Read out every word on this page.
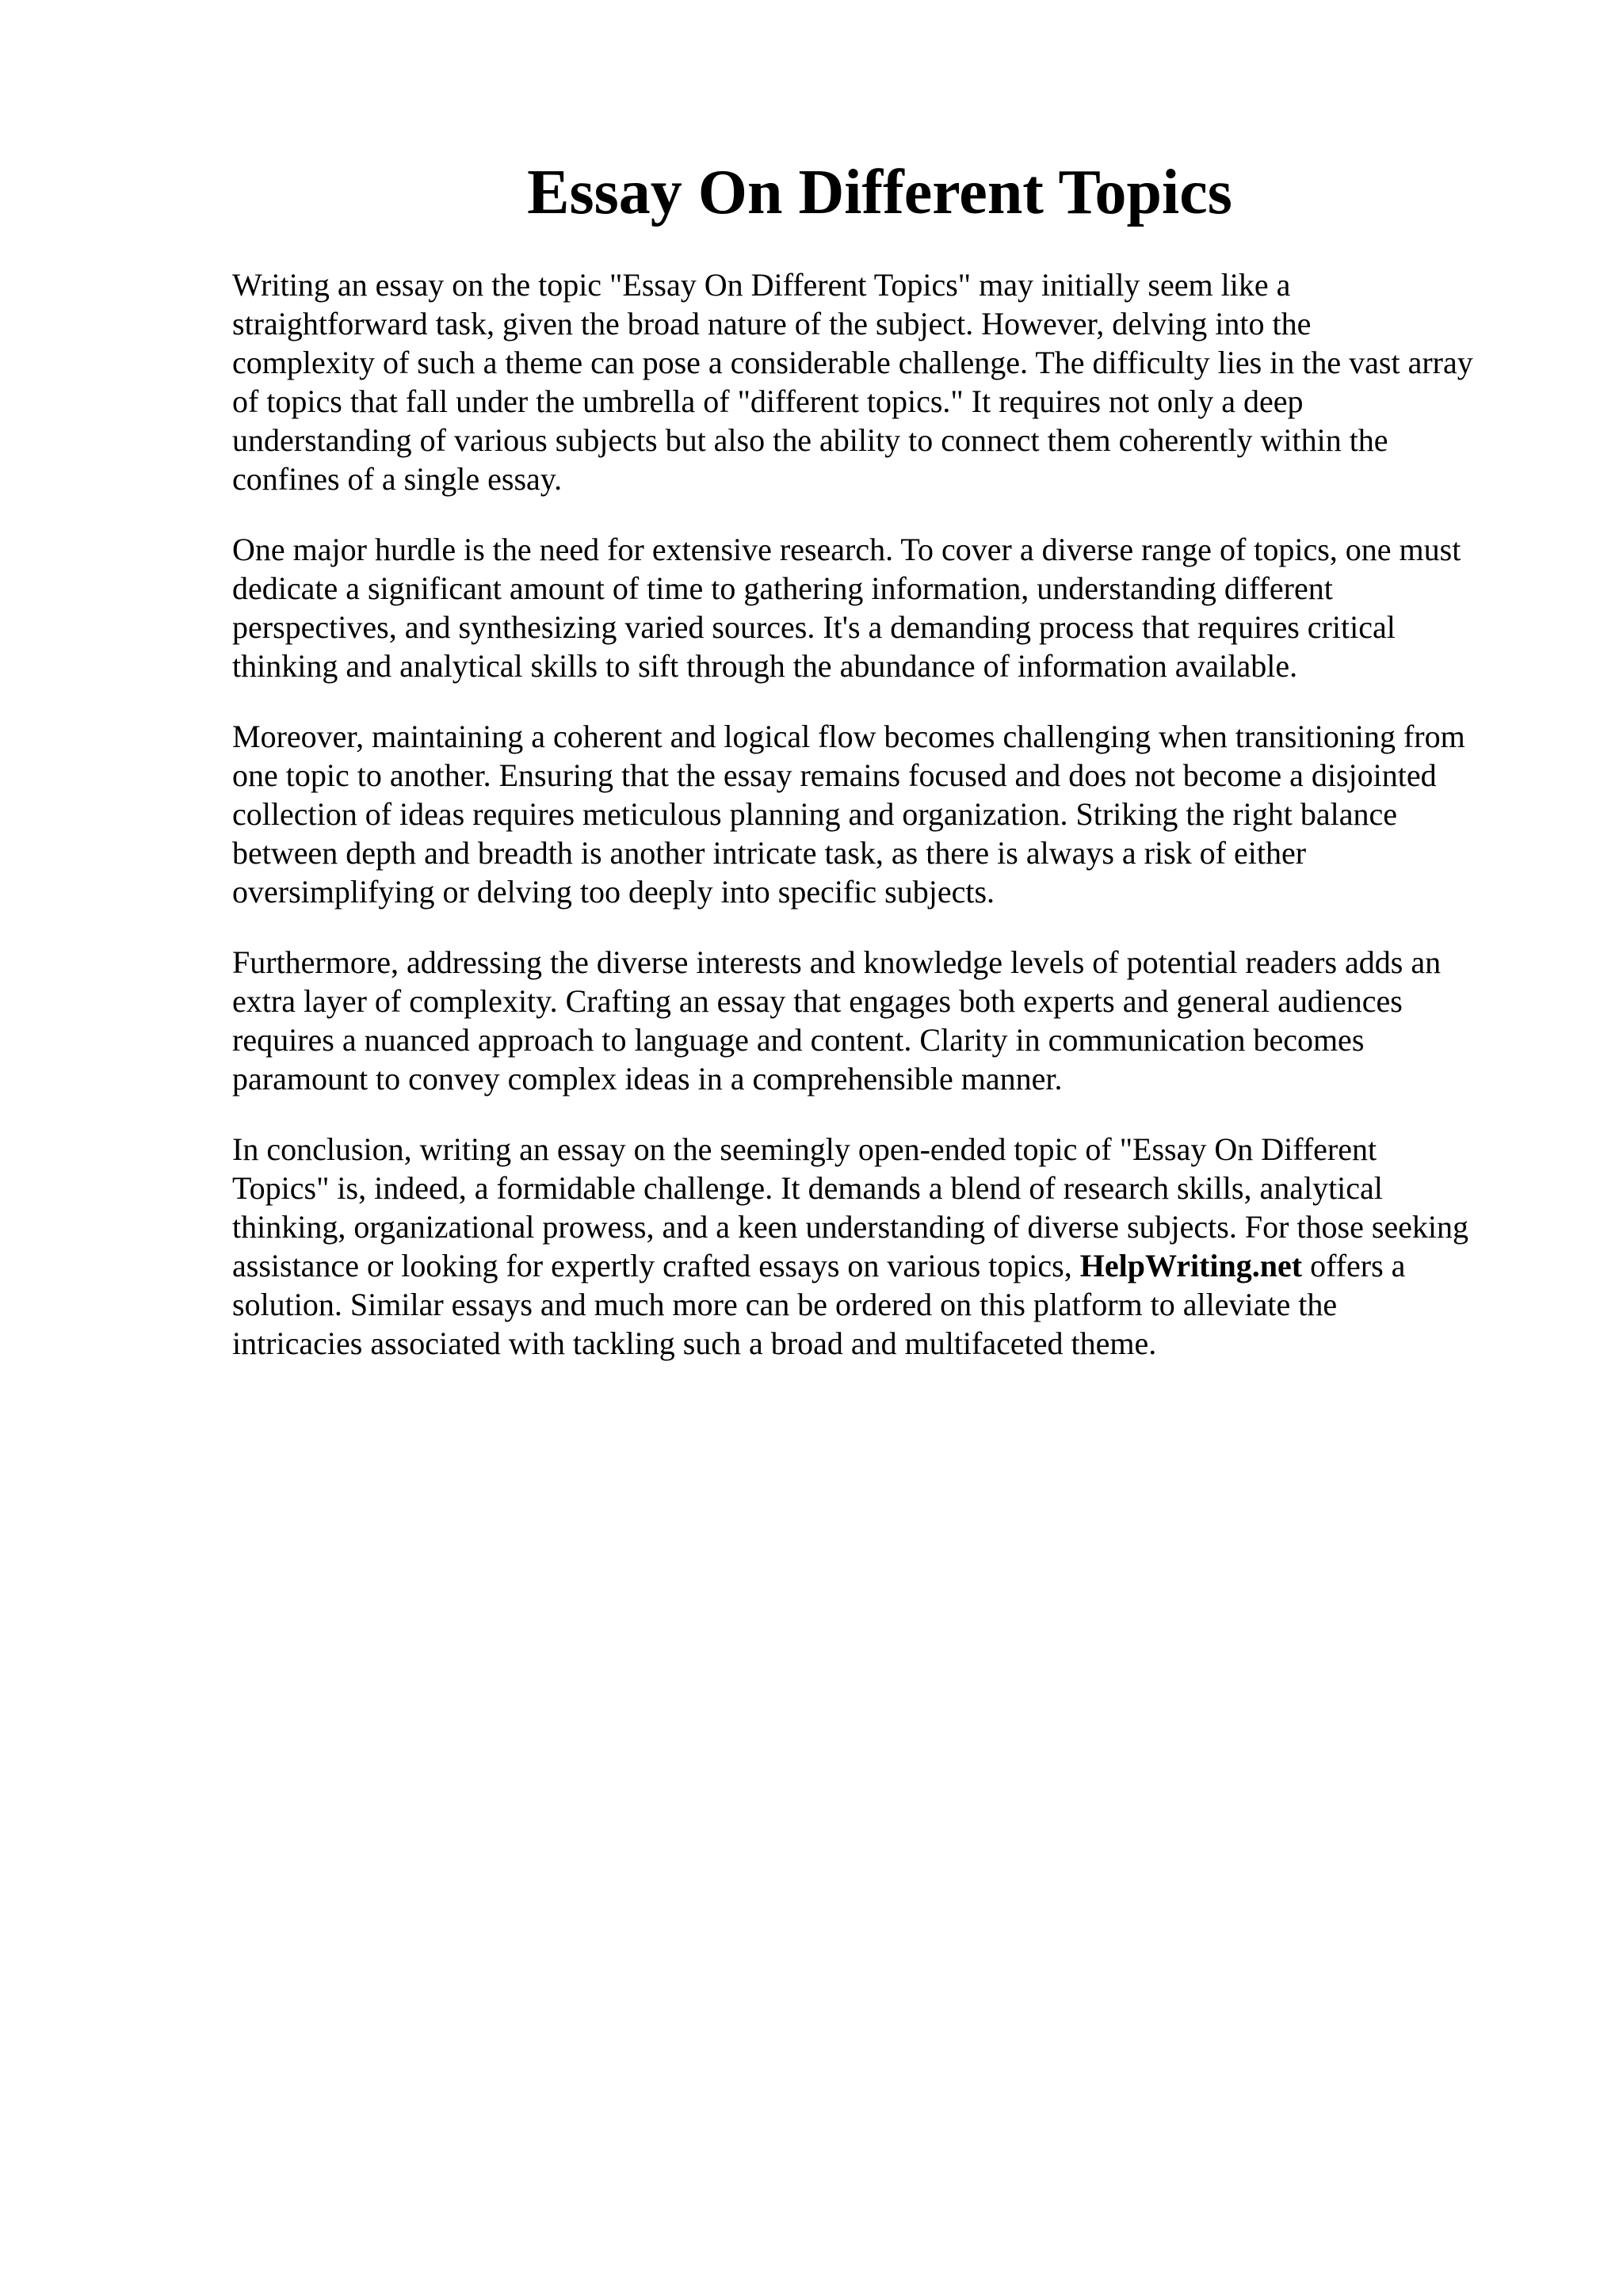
Essay On Different Topics

Writing an essay on the topic "Essay On Different Topics" may initially seem like a
straightforward task, given the broad nature of the subject. However, delving into the
complexity of such a theme can pose a considerable challenge. The difficulty lies in the vast array
of topics that fall under the umbrella of "different topics." It requires not only a deep
understanding of various subjects but also the ability to connect them coherently within the
confines of a single essay.

One major hurdle is the need for extensive research. To cover a diverse range of topics, one must
dedicate a significant amount of time to gathering information, understanding different
perspectives, and synthesizing varied sources. It's a demanding process that requires critical
thinking and analytical skills to sift through the abundance of information available.

Moreover, maintaining a coherent and logical flow becomes challenging when transitioning from
one topic to another. Ensuring that the essay remains focused and does not become a disjointed
collection of ideas requires meticulous planning and organization. Striking the right balance
between depth and breadth is another intricate task, as there is always a risk of either
oversimplifying or delving too deeply into specific subjects.

Furthermore, addressing the diverse interests and knowledge levels of potential readers adds an
extra layer of complexity. Crafting an essay that engages both experts and general audiences
requires a nuanced approach to language and content. Clarity in communication becomes
paramount to convey complex ideas in a comprehensible manner.

In conclusion, writing an essay on the seemingly open-ended topic of "Essay On Different
Topics" is, indeed, a formidable challenge. It demands a blend of research skills, analytical
thinking, organizational prowess, and a keen understanding of diverse subjects. For those seeking
assistance or looking for expertly crafted essays on various topics, HelpWriting.net offers a
solution. Similar essays and much more can be ordered on this platform to alleviate the
intricacies associated with tackling such a broad and multifaceted theme.
